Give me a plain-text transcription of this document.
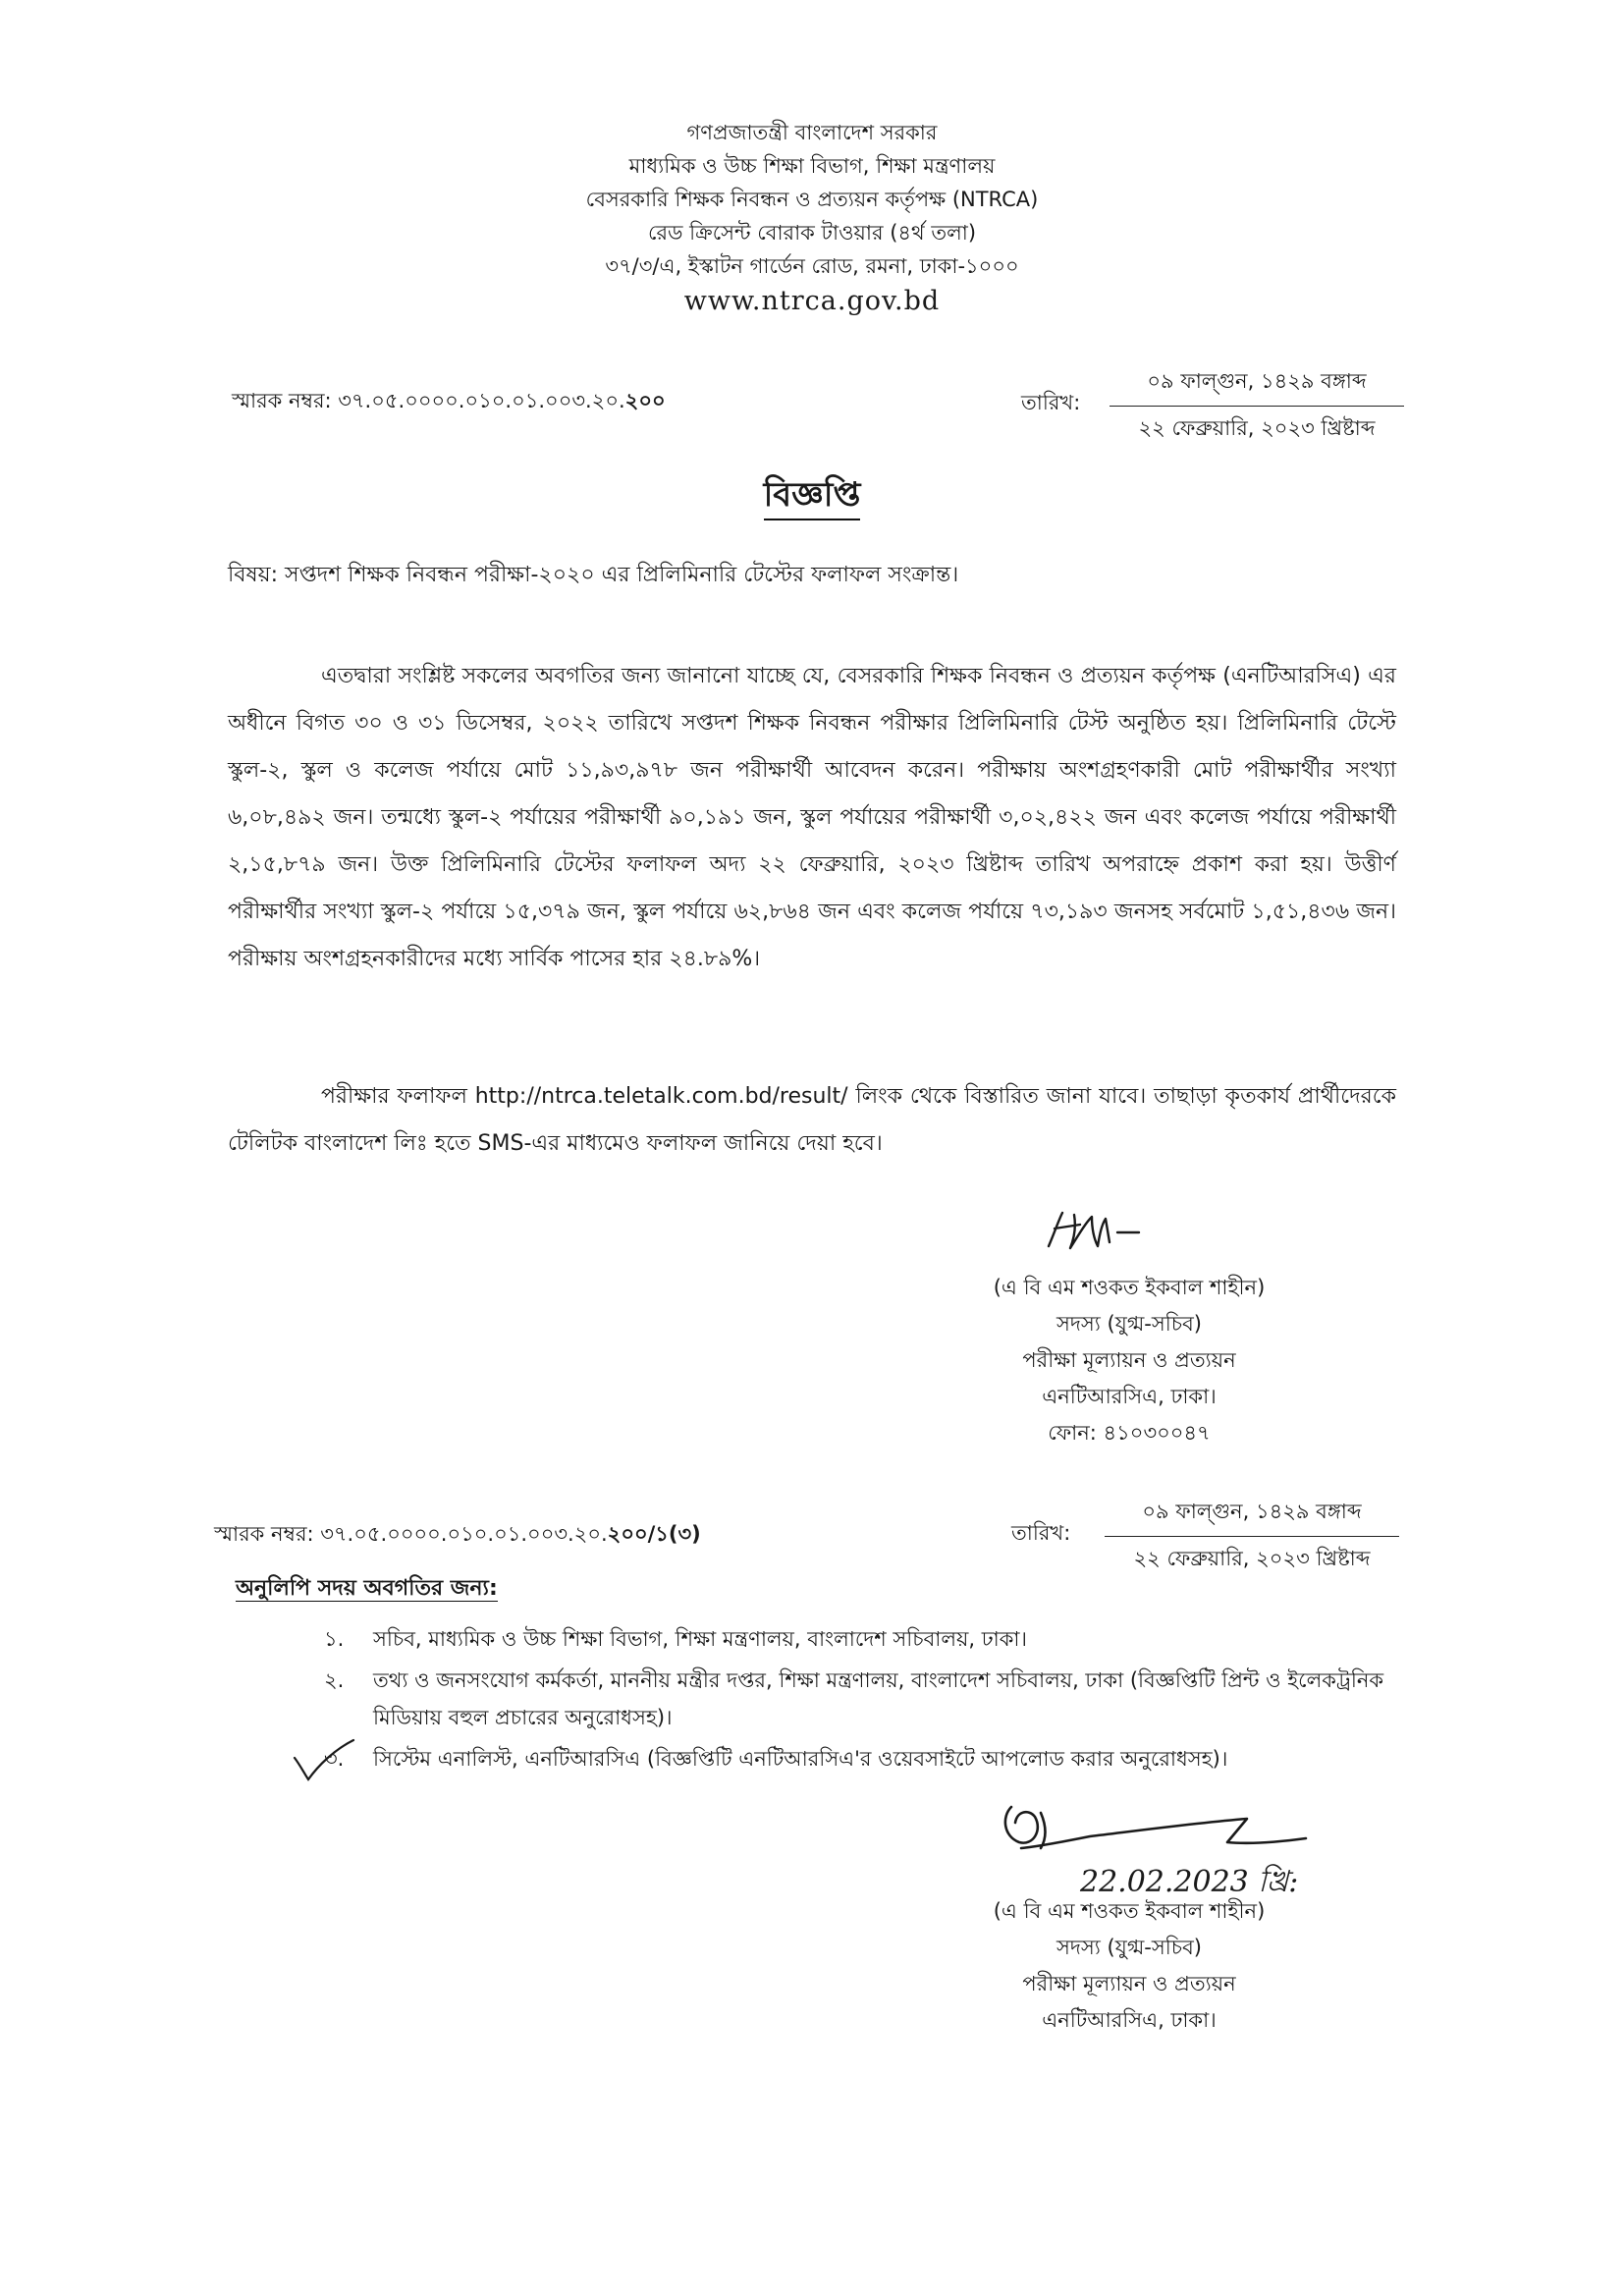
গণপ্রজাতন্ত্রী বাংলাদেশ সরকার
মাধ্যমিক ও উচ্চ শিক্ষা বিভাগ, শিক্ষা মন্ত্রণালয়
বেসরকারি শিক্ষক নিবন্ধন ও প্রত্যয়ন কর্তৃপক্ষ (NTRCA)
রেড ক্রিসেন্ট বোরাক টাওয়ার (৪র্থ তলা)
৩৭/৩/এ, ইস্কাটন গার্ডেন রোড, রমনা, ঢাকা-১০০০
www.ntrca.gov.bd
স্মারক নম্বর: ৩৭.০৫.০০০০.০১০.০১.০০৩.২০.২০০	তারিখ:
০৯ ফাল্গুন, ১৪২৯ বঙ্গাব্দ
২২ ফেব্রুয়ারি, ২০২৩ খ্রিষ্টাব্দ
বিজ্ঞপ্তি
বিষয়: সপ্তদশ শিক্ষক নিবন্ধন পরীক্ষা-২০২০ এর প্রিলিমিনারি টেস্টের ফলাফল সংক্রান্ত।

এতদ্বারা সংশ্লিষ্ট সকলের অবগতির জন্য জানানো যাচ্ছে যে, বেসরকারি শিক্ষক নিবন্ধন ও প্রত্যয়ন কর্তৃপক্ষ (এনটিআরসিএ) এর অধীনে বিগত ৩০ ও ৩১ ডিসেম্বর, ২০২২ তারিখে সপ্তদশ শিক্ষক নিবন্ধন পরীক্ষার প্রিলিমিনারি টেস্ট অনুষ্ঠিত হয়। প্রিলিমিনারি টেস্টে স্কুল-২, স্কুল ও কলেজ পর্যায়ে মোট ১১,৯৩,৯৭৮ জন পরীক্ষার্থী আবেদন করেন। পরীক্ষায় অংশগ্রহণকারী মোট পরীক্ষার্থীর সংখ্যা ৬,০৮,৪৯২ জন। তন্মধ্যে স্কুল-২ পর্যায়ের পরীক্ষার্থী ৯০,১৯১ জন, স্কুল পর্যায়ের পরীক্ষার্থী ৩,০২,৪২২ জন এবং কলেজ পর্যায়ে পরীক্ষার্থী ২,১৫,৮৭৯ জন। উক্ত প্রিলিমিনারি টেস্টের ফলাফল অদ্য ২২ ফেব্রুয়ারি, ২০২৩ খ্রিষ্টাব্দ তারিখ অপরাহ্নে প্রকাশ করা হয়। উত্তীর্ণ পরীক্ষার্থীর সংখ্যা স্কুল-২ পর্যায়ে ১৫,৩৭৯ জন, স্কুল পর্যায়ে ৬২,৮৬৪ জন এবং কলেজ পর্যায়ে ৭৩,১৯৩ জনসহ সর্বমোট ১,৫১,৪৩৬ জন। পরীক্ষায় অংশগ্রহনকারীদের মধ্যে সার্বিক পাসের হার ২৪.৮৯%।

পরীক্ষার ফলাফল http://ntrca.teletalk.com.bd/result/ লিংক থেকে বিস্তারিত জানা যাবে। তাছাড়া কৃতকার্য প্রার্থীদেরকে টেলিটক বাংলাদেশ লিঃ হতে SMS-এর মাধ্যমেও ফলাফল জানিয়ে দেয়া হবে।

(এ বি এম শওকত ইকবাল শাহীন)
সদস্য (যুগ্ম-সচিব)
পরীক্ষা মূল্যায়ন ও প্রত্যয়ন
এনটিআরসিএ, ঢাকা।
ফোন: ৪১০৩০০৪৭
স্মারক নম্বর: ৩৭.০৫.০০০০.০১০.০১.০০৩.২০.২০০/১(৩)	তারিখ:
০৯ ফাল্গুন, ১৪২৯ বঙ্গাব্দ
২২ ফেব্রুয়ারি, ২০২৩ খ্রিষ্টাব্দ
অনুলিপি সদয় অবগতির জন্য:
১. সচিব, মাধ্যমিক ও উচ্চ শিক্ষা বিভাগ, শিক্ষা মন্ত্রণালয়, বাংলাদেশ সচিবালয়, ঢাকা।
২. তথ্য ও জনসংযোগ কর্মকর্তা, মাননীয় মন্ত্রীর দপ্তর, শিক্ষা মন্ত্রণালয়, বাংলাদেশ সচিবালয়, ঢাকা (বিজ্ঞপ্তিটি প্রিন্ট ও ইলেকট্রনিক মিডিয়ায় বহুল প্রচারের অনুরোধসহ)।
৩. সিস্টেম এনালিস্ট, এনটিআরসিএ (বিজ্ঞপ্তিটি এনটিআরসিএ'র ওয়েবসাইটে আপলোড করার অনুরোধসহ)।
22.02.2023 খ্রি:
(এ বি এম শওকত ইকবাল শাহীন)
সদস্য (যুগ্ম-সচিব)
পরীক্ষা মূল্যায়ন ও প্রত্যয়ন
এনটিআরসিএ, ঢাকা।
